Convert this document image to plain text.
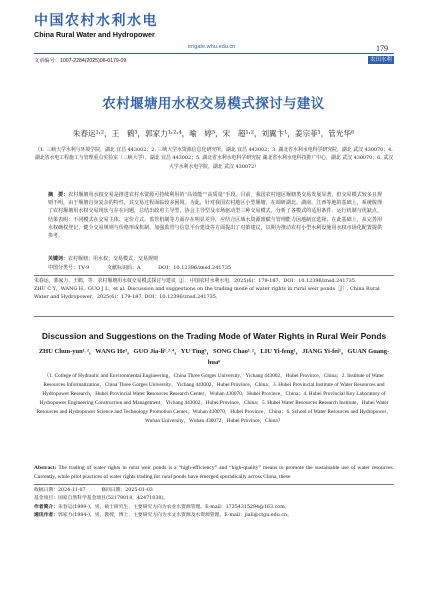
中国农村水利水电
China Rural Water and Hydropower
irrigate.whu.edu.cn	179
文章编号：1007-2284(2025)06-0179-09	农田水利
农村堰塘用水权交易模式探讨与建议
朱春运¹˒²，王　鹤³，郭家力¹˒²˒⁴，喻　婷⁵，宋　超¹˒²，刘翼卞¹，姜宗菲¹，管光华⁶
（1. 三峡大学水利与环境学院，湖北 宜昌 443002；2. 三峡大学水资源信息化研究所，湖北 宜昌 443002；3. 湖北省水利水电科学研究院，湖北 武汉 430070；4. 湖北省水电工程施工与管理重点实验室（三峡大学），湖北 宜昌 443002；5. 湖北省水利水电科学研究院 湖北省水利水电科技推广中心，湖北 武汉 430070；6. 武汉大学水利水电学院，湖北 武汉 430072）
摘　要：农村堰塘用水权交易是推进农村水资源可持续利用的“高效能”“高质量”手段。目前，我国农村地区堰塘类交易发展显著，但交易模式较多且规则不明，由于堰塘自身复杂的特性，其交易过程面临较多困境。为此，针对我国农村地区小型堰塘，在调研湖北、湖南、江西等地的基础上，系统梳理了农村堰塘用水权交易现状与存在问题，总结出政府主导型、协会主导型及市场驱动型三种交易模式，分析了各模式的适用条件、运行机制与优缺点。结果表明：不同模式在交易主体、定价方式、监管机制等方面存在明显差异，应结合区域水资源禀赋与管理能力因地制宜选择。在此基础上，从完善用水权确权登记、健全交易规则与价格形成机制、加强监管与信息平台建设等方面提出了对策建议，以期为推动农村小型水利设施用水权市场化配置提供参考。
关键词：农村堰塘；用水权；交易模式；交易规则
中图分类号：TV-9	文献标识码：A	DOI：10.12396/znsd.241735
朱春运，郭家力，王鹤，等．农村堰塘用水权交易模式探讨与建议［J］．中国农村水利水电，2025(6)：179-187．DOI：10.12396/znsd.241735.
ZHU C Y，WANG H，GUO J L，et al. Discussion and suggestions on the trading mode of water rights in rural weir ponds［J］. China Rural Water and Hydropower，2025(6)：179-187. DOI：10.12396/znsd.241735.
Discussion and Suggestions on the Trading Mode of Water Rights in Rural Weir Ponds
ZHU Chun-yun¹˒²，WANG He³，GUO Jia-li¹˒²˒⁴，YU Ting⁵，SONG Chao¹˒²，LIU Yi-feng¹，JIANG Yi-fei¹，GUAN Guang-hua⁶
（1. College of Hydraulic and Environmental Engineering，China Three Gorges University，Yichang 443002，Hubei Province，China；2. Institute of Water Resources Informatization，China Three Gorges University，Yichang 443002，Hubei Province，China；3. Hubei Provincial Institute of Water Resources and Hydropower Research，Hubei Provincial Water Resources Research Center，Wuhan 430070，Hubei Province，China；4. Hubei Provincial Key Laboratory of Hydropower Engineering Construction and Management，Yichang 443002，Hubei Province，China；5. Hubei Water Resources Research Institute，Hubei Water Resources and Hydropower Science and Technology Promotion Center，Wuhan 430070，Hubei Province，China；6. School of Water Resources and Hydropower，Wuhan University，Wuhan 430072，Hubei Province，China）
Abstract: The trading of water rights in rural weir ponds is a “high-efficiency” and “high-quality” means to promote the sustainable use of water resources. Currently, while pilot practices of water rights trading for rural ponds have emerged sporadically across China, these
收稿日期：2024-11-07	修回日期：2025-01-03
基金项目：国家自然科学基金项目(52179018，42471038)。
作者简介：朱春运(1999-)，男，硕士研究生，主要研究方向为农业水资源管理。E-mail：17354315294@163.com。
通讯作者：郭家力(1984-)，男，教授，博士，主要研究方向为水文水资源及水资源管理。E-mail：jiali@ctgu.edu.cn。
